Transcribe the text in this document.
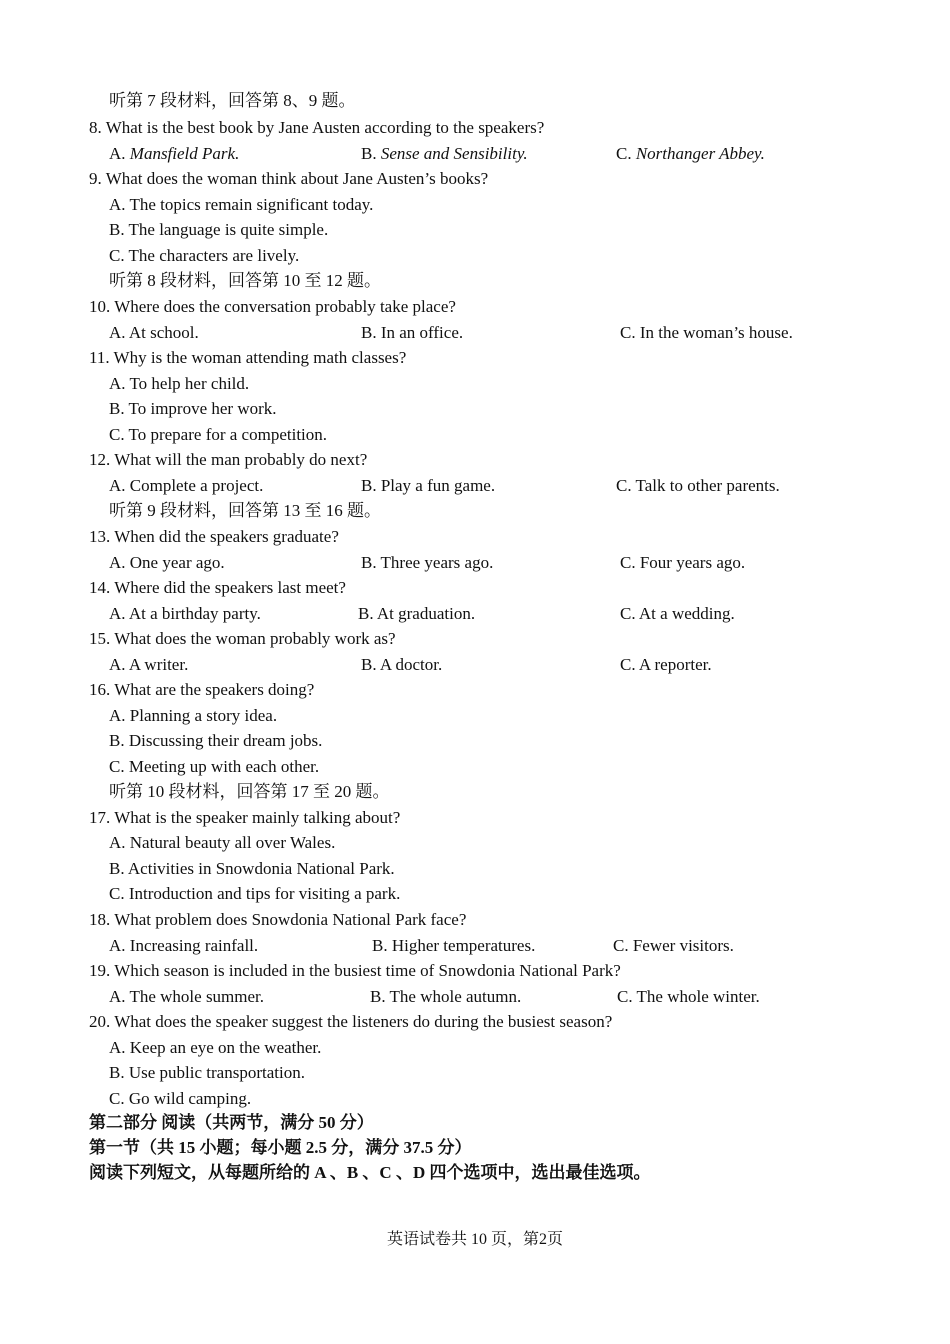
听第 7 段材料，回答第 8、9 题。
8. What is the best book by Jane Austen according to the speakers?
A. Mansfield Park.	B. Sense and Sensibility.	C. Northanger Abbey.
9. What does the woman think about Jane Austen’s books?
A. The topics remain significant today.
B. The language is quite simple.
C. The characters are lively.
听第 8 段材料，回答第 10 至 12 题。
10. Where does the conversation probably take place?
A. At school.	B. In an office.	C. In the woman’s house.
11. Why is the woman attending math classes?
A. To help her child.
B. To improve her work.
C. To prepare for a competition.
12. What will the man probably do next?
A. Complete a project.	B. Play a fun game.	C. Talk to other parents.
听第 9 段材料，回答第 13 至 16 题。
13. When did the speakers graduate?
A. One year ago.	B. Three years ago.	C. Four years ago.
14. Where did the speakers last meet?
A. At a birthday party.	B. At graduation.	C. At a wedding.
15. What does the woman probably work as?
A. A writer.	B. A doctor.	C. A reporter.
16. What are the speakers doing?
A. Planning a story idea.
B. Discussing their dream jobs.
C. Meeting up with each other.
听第 10 段材料，回答第 17 至 20 题。
17. What is the speaker mainly talking about?
A. Natural beauty all over Wales.
B. Activities in Snowdonia National Park.
C. Introduction and tips for visiting a park.
18. What problem does Snowdonia National Park face?
A. Increasing rainfall.	B. Higher temperatures.	C. Fewer visitors.
19. Which season is included in the busiest time of Snowdonia National Park?
A. The whole summer.	B. The whole autumn.	C. The whole winter.
20. What does the speaker suggest the listeners do during the busiest season?
A. Keep an eye on the weather.
B. Use public transportation.
C. Go wild camping.
第二部分 阅读（共两节，满分 50 分）
第一节（共 15 小题；每小题 2.5 分，满分 37.5 分）
阅读下列短文，从每题所给的 A 、B 、C 、D 四个选项中，选出最佳选项。
英语试卷共 10 页，第2页
